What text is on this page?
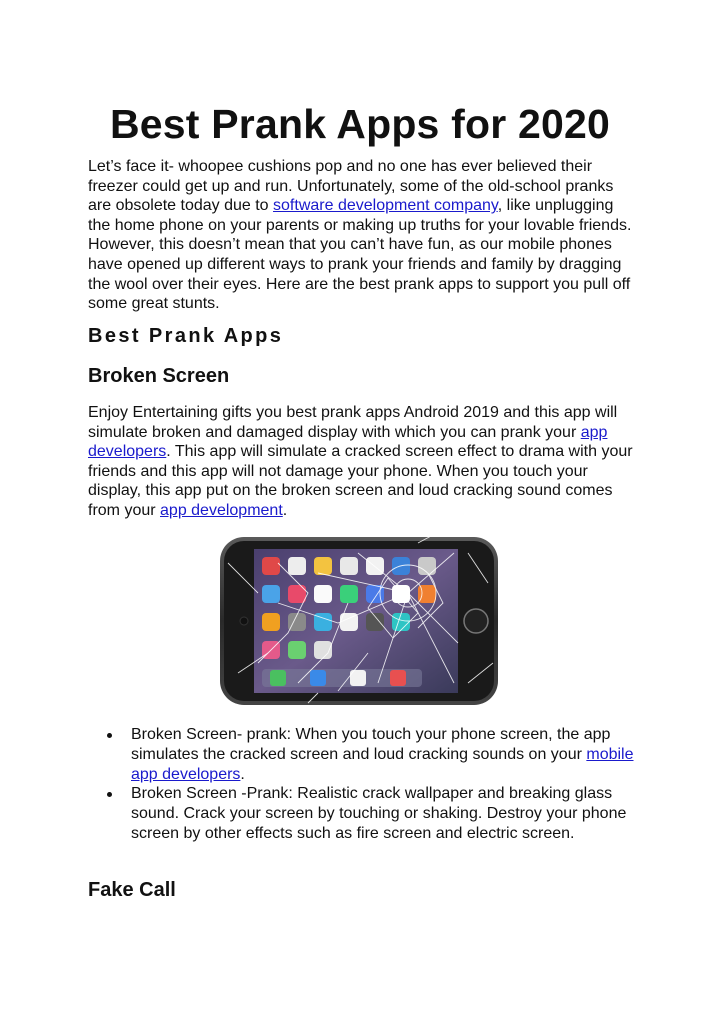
Best Prank Apps for 2020

Let’s face it- whoopee cushions pop and no one has ever believed their freezer could get up and run. Unfortunately, some of the old-school pranks are obsolete today due to software development company, like unplugging the home phone on your parents or making up truths for your lovable friends. However, this doesn’t mean that you can’t have fun, as our mobile phones have opened up different ways to prank your friends and family by dragging the wool over their eyes. Here are the best prank apps to support you pull off some great stunts.

Best Prank Apps
Broken Screen

Enjoy Entertaining gifts you best prank apps Android 2019 and this app will simulate broken and damaged display with which you can prank your app developers. This app will simulate a cracked screen effect to drama with your friends and this app will not damage your phone. When you touch your display, this app put on the broken screen and loud cracking sound comes from your app development.

Broken Screen- prank: When you touch your phone screen, the app simulates the cracked screen and loud cracking sounds on your mobile app developers.
Broken Screen -Prank: Realistic crack wallpaper and breaking glass sound. Crack your screen by touching or shaking. Destroy your phone screen by other effects such as fire screen and electric screen.
Fake Call
